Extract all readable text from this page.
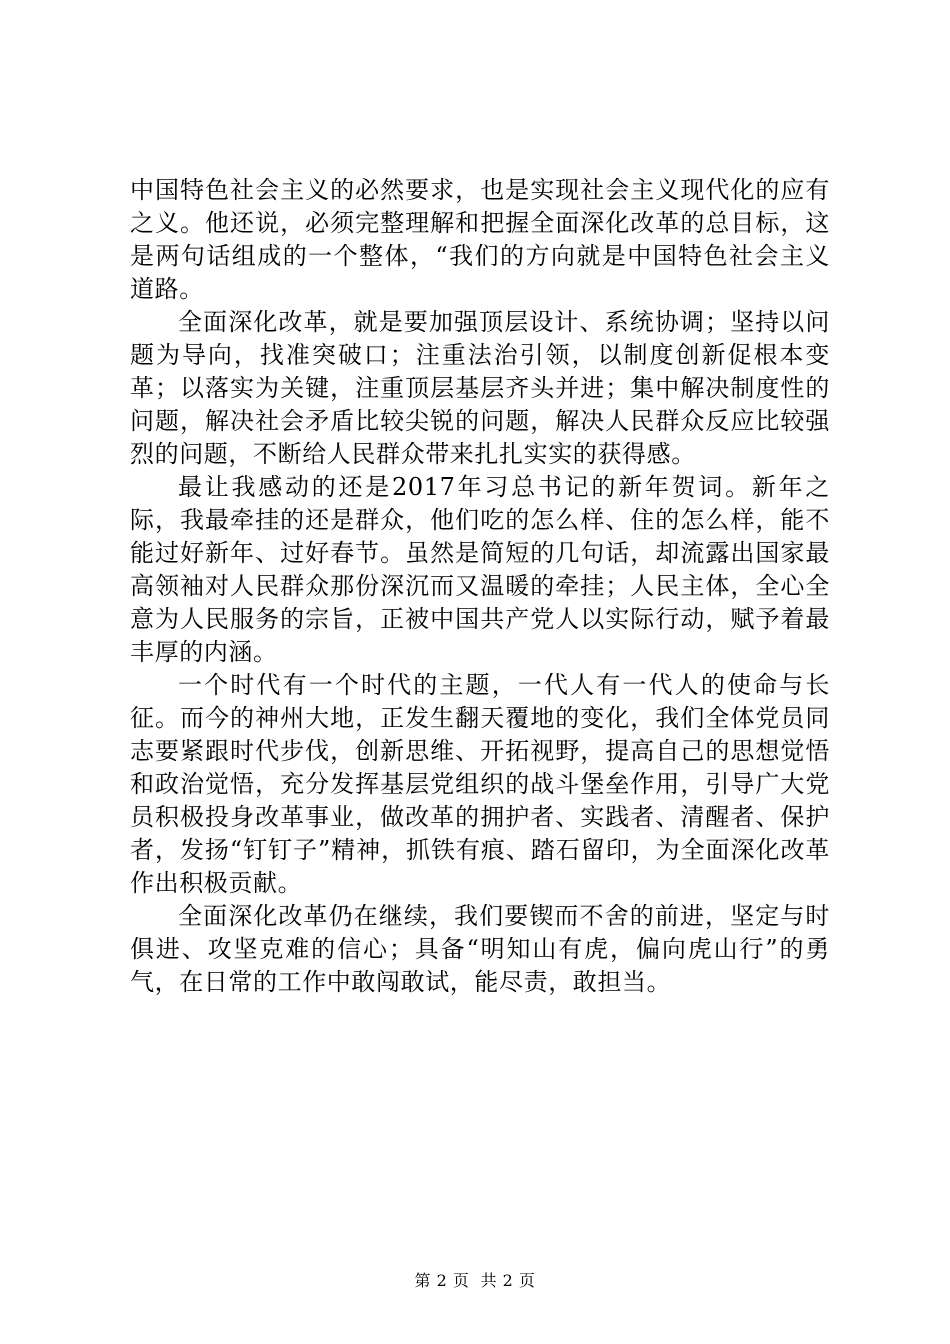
中国特色社会主义的必然要求，也是实现社会主义现代化的应有之义。他还说，必须完整理解和把握全面深化改革的总目标，这是两句话组成的一个整体，“我们的方向就是中国特色社会主义道路。

全面深化改革，就是要加强顶层设计、系统协调；坚持以问题为导向，找准突破口；注重法治引领，以制度创新促根本变革；以落实为关键，注重顶层基层齐头并进；集中解决制度性的问题，解决社会矛盾比较尖锐的问题，解决人民群众反应比较强烈的问题，不断给人民群众带来扎扎实实的获得感。

最让我感动的还是2017年习总书记的新年贺词。新年之际，我最牵挂的还是群众，他们吃的怎么样、住的怎么样，能不能过好新年、过好春节。虽然是简短的几句话，却流露出国家最高领袖对人民群众那份深沉而又温暖的牵挂；人民主体，全心全意为人民服务的宗旨，正被中国共产党人以实际行动，赋予着最丰厚的内涵。

一个时代有一个时代的主题，一代人有一代人的使命与长征。而今的神州大地，正发生翻天覆地的变化，我们全体党员同志要紧跟时代步伐，创新思维、开拓视野，提高自己的思想觉悟和政治觉悟，充分发挥基层党组织的战斗堡垒作用，引导广大党员积极投身改革事业，做改革的拥护者、实践者、清醒者、保护者，发扬“钉钉子”精神，抓铁有痕、踏石留印，为全面深化改革作出积极贡献。

全面深化改革仍在继续，我们要锲而不舍的前进，坚定与时俱进、攻坚克难的信心；具备“明知山有虎，偏向虎山行”的勇气，在日常的工作中敢闯敢试，能尽责，敢担当。

第 2 页  共 2 页
